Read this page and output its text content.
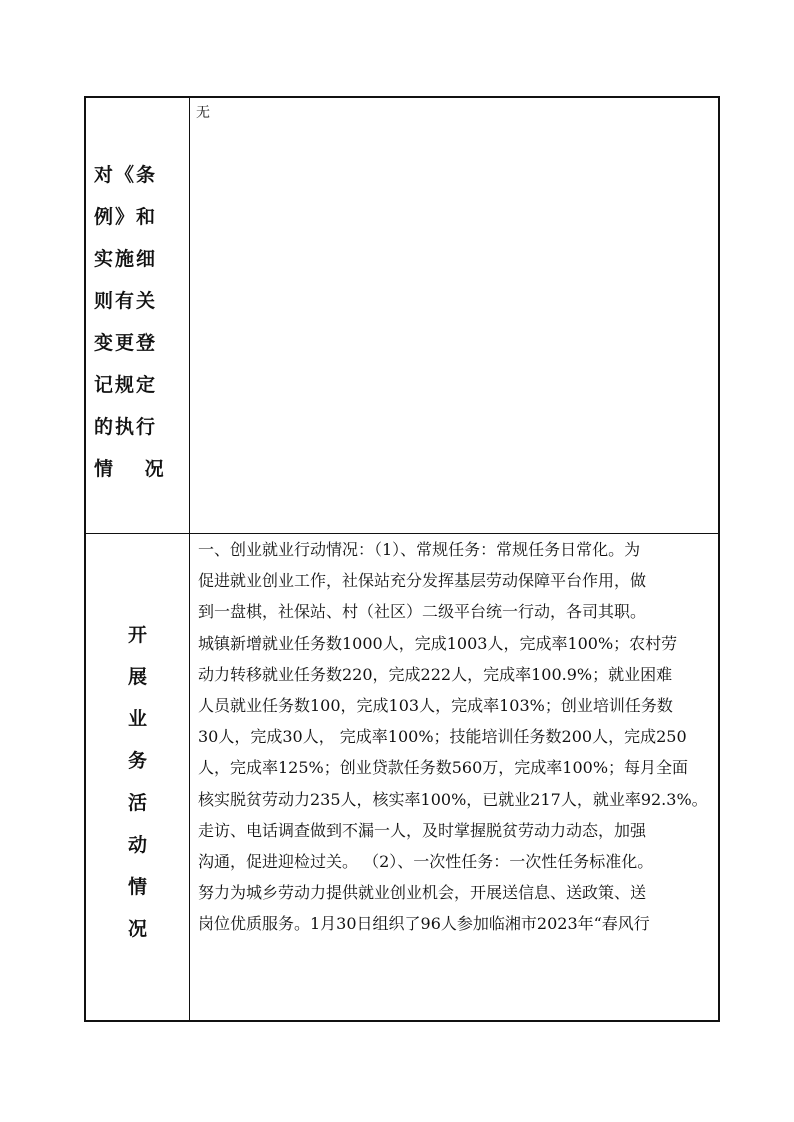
对《条
例》和
实施细
则有关
变更登
记规定
的执行
情　 况
无
开
展
业
务
活
动
情
况
一、创业就业行动情况：（1）、常规任务：常规任务日常化。为
促进就业创业工作，社保站充分发挥基层劳动保障平台作用，做
到一盘棋，社保站、村（社区）二级平台统一行动，各司其职。
城镇新增就业任务数1000人，完成1003人，完成率100%；农村劳
动力转移就业任务数220，完成222人，完成率100.9%；就业困难
人员就业任务数100，完成103人，完成率103%；创业培训任务数
30人，完成30人， 完成率100%；技能培训任务数200人，完成250
人，完成率125%；创业贷款任务数560万，完成率100%；每月全面
核实脱贫劳动力235人，核实率100%，已就业217人，就业率92.3%。
走访、电话调查做到不漏一人，及时掌握脱贫劳动力动态，加强
沟通，促进迎检过关。 （2）、一次性任务：一次性任务标准化。
努力为城乡劳动力提供就业创业机会，开展送信息、送政策、送
岗位优质服务。1月30日组织了96人参加临湘市2023年“春风行
